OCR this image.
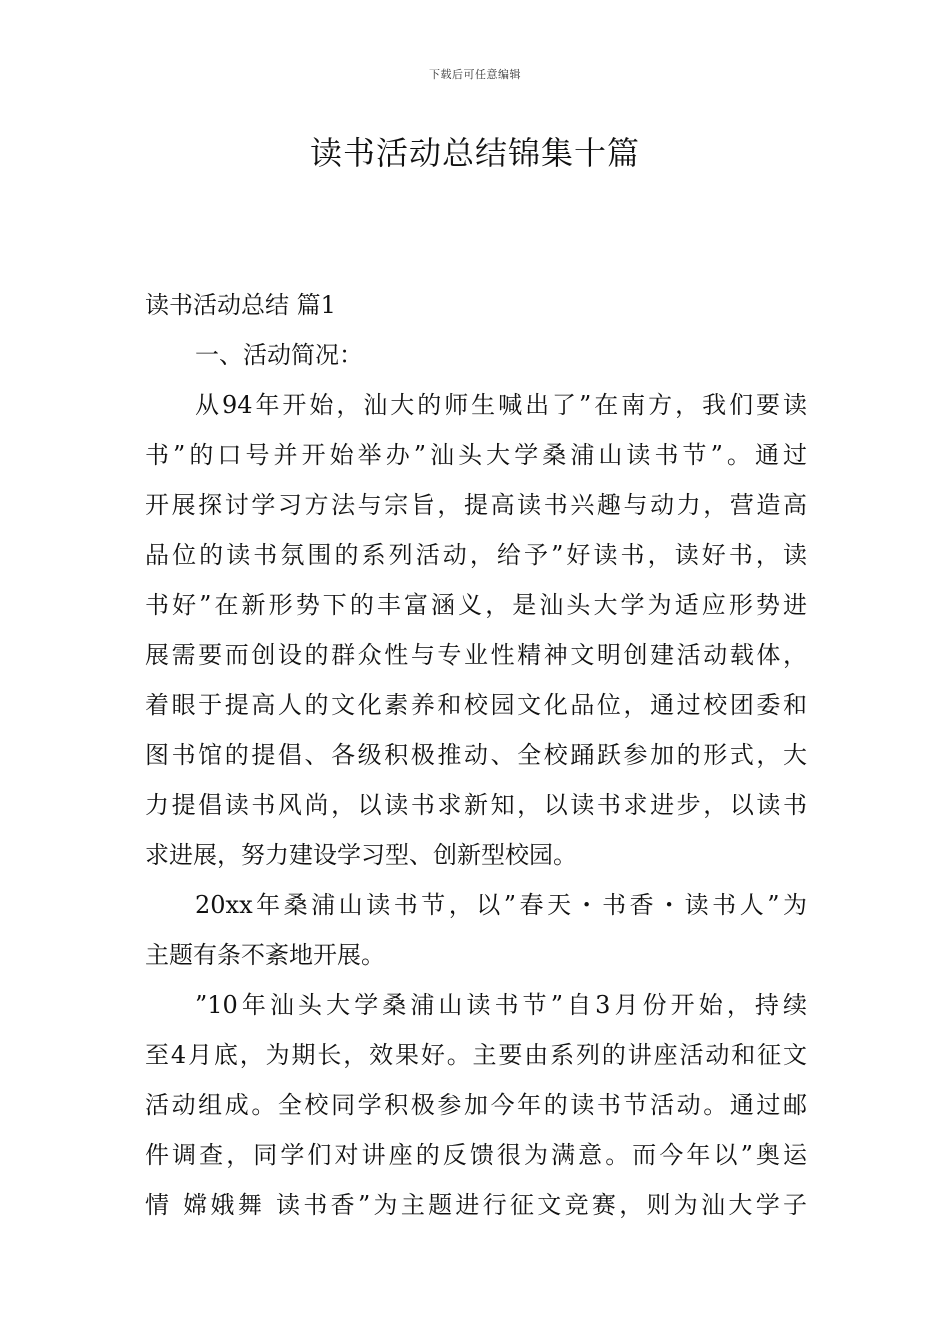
下载后可任意编辑
读书活动总结锦集十篇
读书活动总结 篇1
一、活动简况：
从94年开始，汕大的师生喊出了”在南方，我们要读
书”的口号并开始举办”汕头大学桑浦山读书节”。通过
开展探讨学习方法与宗旨，提高读书兴趣与动力，营造高
品位的读书氛围的系列活动，给予”好读书，读好书，读
书好”在新形势下的丰富涵义，是汕头大学为适应形势进
展需要而创设的群众性与专业性精神文明创建活动载体，
着眼于提高人的文化素养和校园文化品位，通过校团委和
图书馆的提倡、各级积极推动、全校踊跃参加的形式，大
力提倡读书风尚，以读书求新知，以读书求进步，以读书
求进展，努力建设学习型、创新型校园。
20xx年桑浦山读书节，以”春天・书香・读书人”为
主题有条不紊地开展。
”10年汕头大学桑浦山读书节”自3月份开始，持续
至4月底，为期长，效果好。主要由系列的讲座活动和征文
活动组成。全校同学积极参加今年的读书节活动。通过邮
件调查，同学们对讲座的反馈很为满意。而今年以”奥运
情 嫦娥舞 读书香”为主题进行征文竞赛，则为汕大学子
